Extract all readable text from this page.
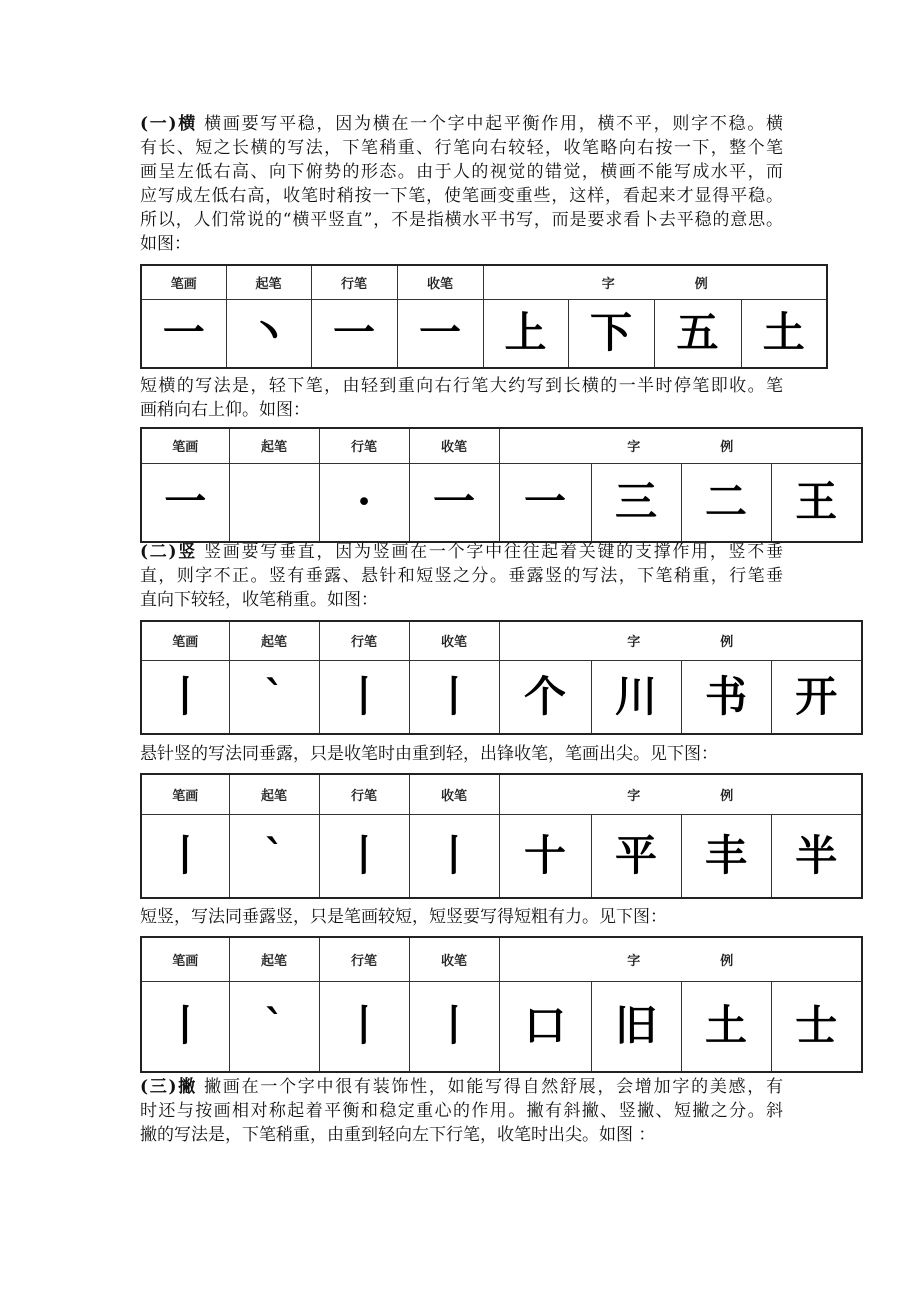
(一)横 横画要写平稳，因为横在一个字中起平衡作用，横不平，则字不稳。横
有长、短之长横的写法，下笔稍重、行笔向右较轻，收笔略向右按一下，整个笔
画呈左低右高、向下俯势的形态。由于人的视觉的错觉，横画不能写成水平，而
应写成左低右高，收笔时稍按一下笔，使笔画变重些，这样，看起来才显得平稳。
所以，人们常说的“横平竖直”，不是指横水平书写，而是要求看卜去平稳的意思。
如图：
短横的写法是，轻下笔，由轻到重向右行笔大约写到长横的一半时停笔即收。笔
画稍向右上仰。如图：
(二)竖 竖画要写垂直，因为竖画在一个字中往往起着关键的支撑作用，竖不垂
直，则字不正。竖有垂露、悬针和短竖之分。垂露竖的写法，下笔稍重，行笔垂
直向下较轻，收笔稍重。如图：
悬针竖的写法同垂露，只是收笔时由重到轻，出锋收笔，笔画出尖。见下图：
短竖，写法同垂露竖，只是笔画较短，短竖要写得短粗有力。见下图：
(三)撇 撇画在一个字中很有装饰性，如能写得自然舒展，会增加字的美感，有
时还与按画相对称起着平衡和稳定重心的作用。撇有斜撇、竖撇、短撇之分。斜
撇的写法是，下笔稍重，由重到轻向左下行笔，收笔时出尖。如图 ：
笔画	起笔	行笔	收笔	字 例			
一	丶	一	一	上	下	五	土
笔画	起笔	行笔	收笔	字 例			
一		·	一	一	三	二	王
笔画	起笔	行笔	收笔	字 例			
丨	`	丨	丨	个	川	书	开
笔画	起笔	行笔	收笔	字 例			
丨	`	丨	丨	十	平	丰	半
笔画	起笔	行笔	收笔	字 例			
丨	`	丨	丨	口	旧	土	士
